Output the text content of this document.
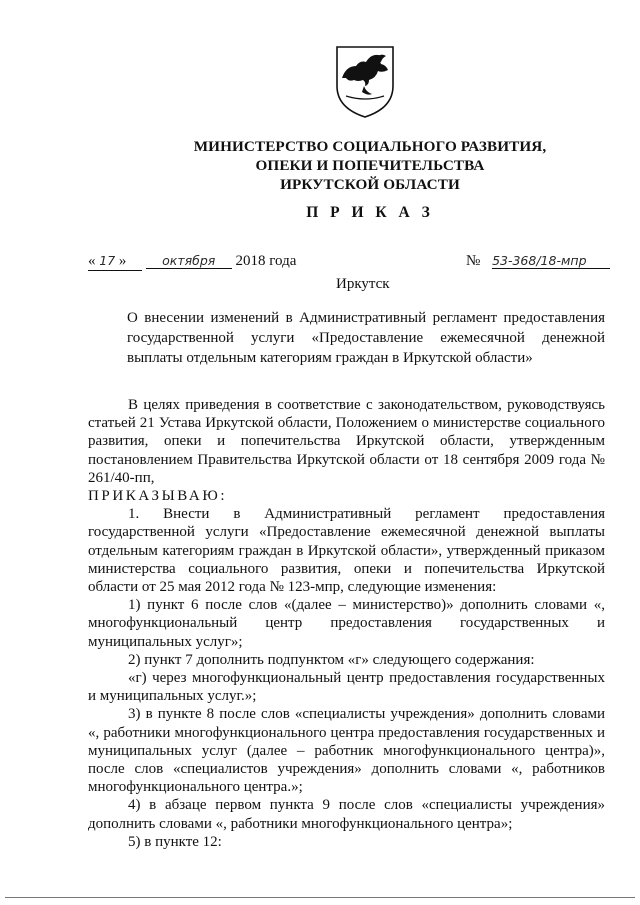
МИНИСТЕРСТВО СОЦИАЛЬНОГО РАЗВИТИЯ,
ОПЕКИ И ПОПЕЧИТЕЛЬСТВА
ИРКУТСКОЙ ОБЛАСТИ
П Р И К А З
« 17 »	октября 2018 года	№ 53-368/18-мпр
Иркутск
О внесении изменений в Административный регламент предоставления государственной услуги «Предоставление ежемесячной денежной выплаты отдельным категориям граждан в Иркутской области»

В целях приведения в соответствие с законодательством, руководствуясь статьей 21 Устава Иркутской области, Положением о министерстве социального развития, опеки и попечительства Иркутской области, утвержденным постановлением Правительства Иркутской области от 18 сентября 2009 года № 261/40-пп,

ПРИКАЗЫВАЮ:

1. Внести в Административный регламент предоставления государственной услуги «Предоставление ежемесячной денежной выплаты отдельным категориям граждан в Иркутской области», утвержденный приказом министерства социального развития, опеки и попечительства Иркутской области от 25 мая 2012 года № 123-мпр, следующие изменения:

1) пункт 6 после слов «(далее – министерство)» дополнить словами «, многофункциональный центр предоставления государственных и муниципальных услуг»;

2) пункт 7 дополнить подпунктом «г» следующего содержания:

«г) через многофункциональный центр предоставления государственных и муниципальных услуг.»;

3) в пункте 8 после слов «специалисты учреждения» дополнить словами «, работники многофункционального центра предоставления государственных и муниципальных услуг (далее – работник многофункционального центра)», после слов «специалистов учреждения» дополнить словами «, работников многофункционального центра.»;

4) в абзаце первом пункта 9 после слов «специалисты учреждения» дополнить словами «, работники многофункционального центра»;

5) в пункте 12:
